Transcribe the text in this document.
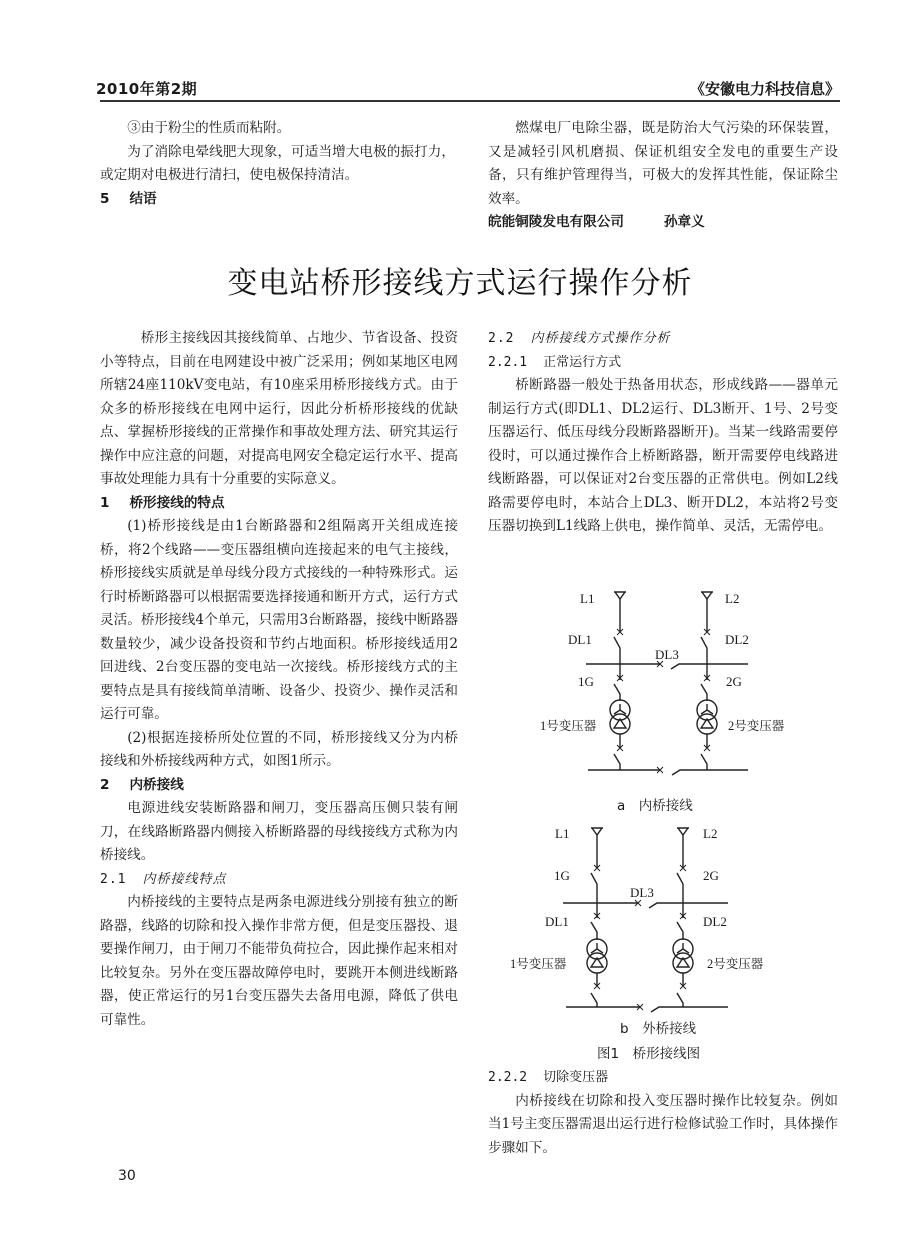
2010年第2期	《安徽电力科技信息》

③由于粉尘的性质而粘附。

为了消除电晕线肥大现象，可适当增大电极的振打力，或定期对电极进行清扫，使电极保持清洁。

5 结语

燃煤电厂电除尘器，既是防治大气污染的环保装置，又是减轻引风机磨损、保证机组安全发电的重要生产设备，只有维护管理得当，可极大的发挥其性能，保证除尘效率。

皖能铜陵发电有限公司	孙章义

变电站桥形接线方式运行操作分析

桥形主接线因其接线简单、占地少、节省设备、投资小等特点，目前在电网建设中被广泛采用；例如某地区电网所辖24座110kV变电站，有10座采用桥形接线方式。由于众多的桥形接线在电网中运行，因此分析桥形接线的优缺点、掌握桥形接线的正常操作和事故处理方法、研究其运行操作中应注意的问题，对提高电网安全稳定运行水平、提高事故处理能力具有十分重要的实际意义。

1 桥形接线的特点

(1)桥形接线是由1台断路器和2组隔离开关组成连接桥，将2个线路——变压器组横向连接起来的电气主接线，桥形接线实质就是单母线分段方式接线的一种特殊形式。运行时桥断路器可以根据需要选择接通和断开方式，运行方式灵活。桥形接线4个单元，只需用3台断路器，接线中断路器数量较少，减少设备投资和节约占地面积。桥形接线适用2回进线、2台变压器的变电站一次接线。桥形接线方式的主要特点是具有接线简单清晰、设备少、投资少、操作灵活和运行可靠。

(2)根据连接桥所处位置的不同，桥形接线又分为内桥接线和外桥接线两种方式，如图1所示。

2 内桥接线

电源进线安装断路器和闸刀，变压器高压侧只装有闸刀，在线路断路器内侧接入桥断路器的母线接线方式称为内桥接线。

2.1 内桥接线特点

内桥接线的主要特点是两条电源进线分别接有独立的断路器，线路的切除和投入操作非常方便，但是变压器投、退要操作闸刀，由于闸刀不能带负荷拉合，因此操作起来相对比较复杂。另外在变压器故障停电时，要跳开本侧进线断路器，使正常运行的另1台变压器失去备用电源，降低了供电可靠性。

2.2 内桥接线方式操作分析

2.2.1 正常运行方式

桥断路器一般处于热备用状态，形成线路——器单元制运行方式(即DL1、DL2运行、DL3断开、1号、2号变压器运行、低压母线分段断路器断开)。当某一线路需要停役时，可以通过操作合上桥断路器，断开需要停电线路进线断路器，可以保证对2台变压器的正常供电。例如L2线路需要停电时，本站合上DL3、断开DL2，本站将2号变压器切换到L1线路上供电，操作简单、灵活，无需停电。

L1	L2
DL1	DL2
DL3
1G	2G
1号变压器	2号变压器
a　内桥接线
L1	L2
1G	2G
DL3
DL1	DL2
1号变压器	2号变压器
b　外桥接线
图1　桥形接线图

2.2.2 切除变压器

内桥接线在切除和投入变压器时操作比较复杂。例如当1号主变压器需退出运行进行检修试验工作时，具体操作步骤如下。

30
